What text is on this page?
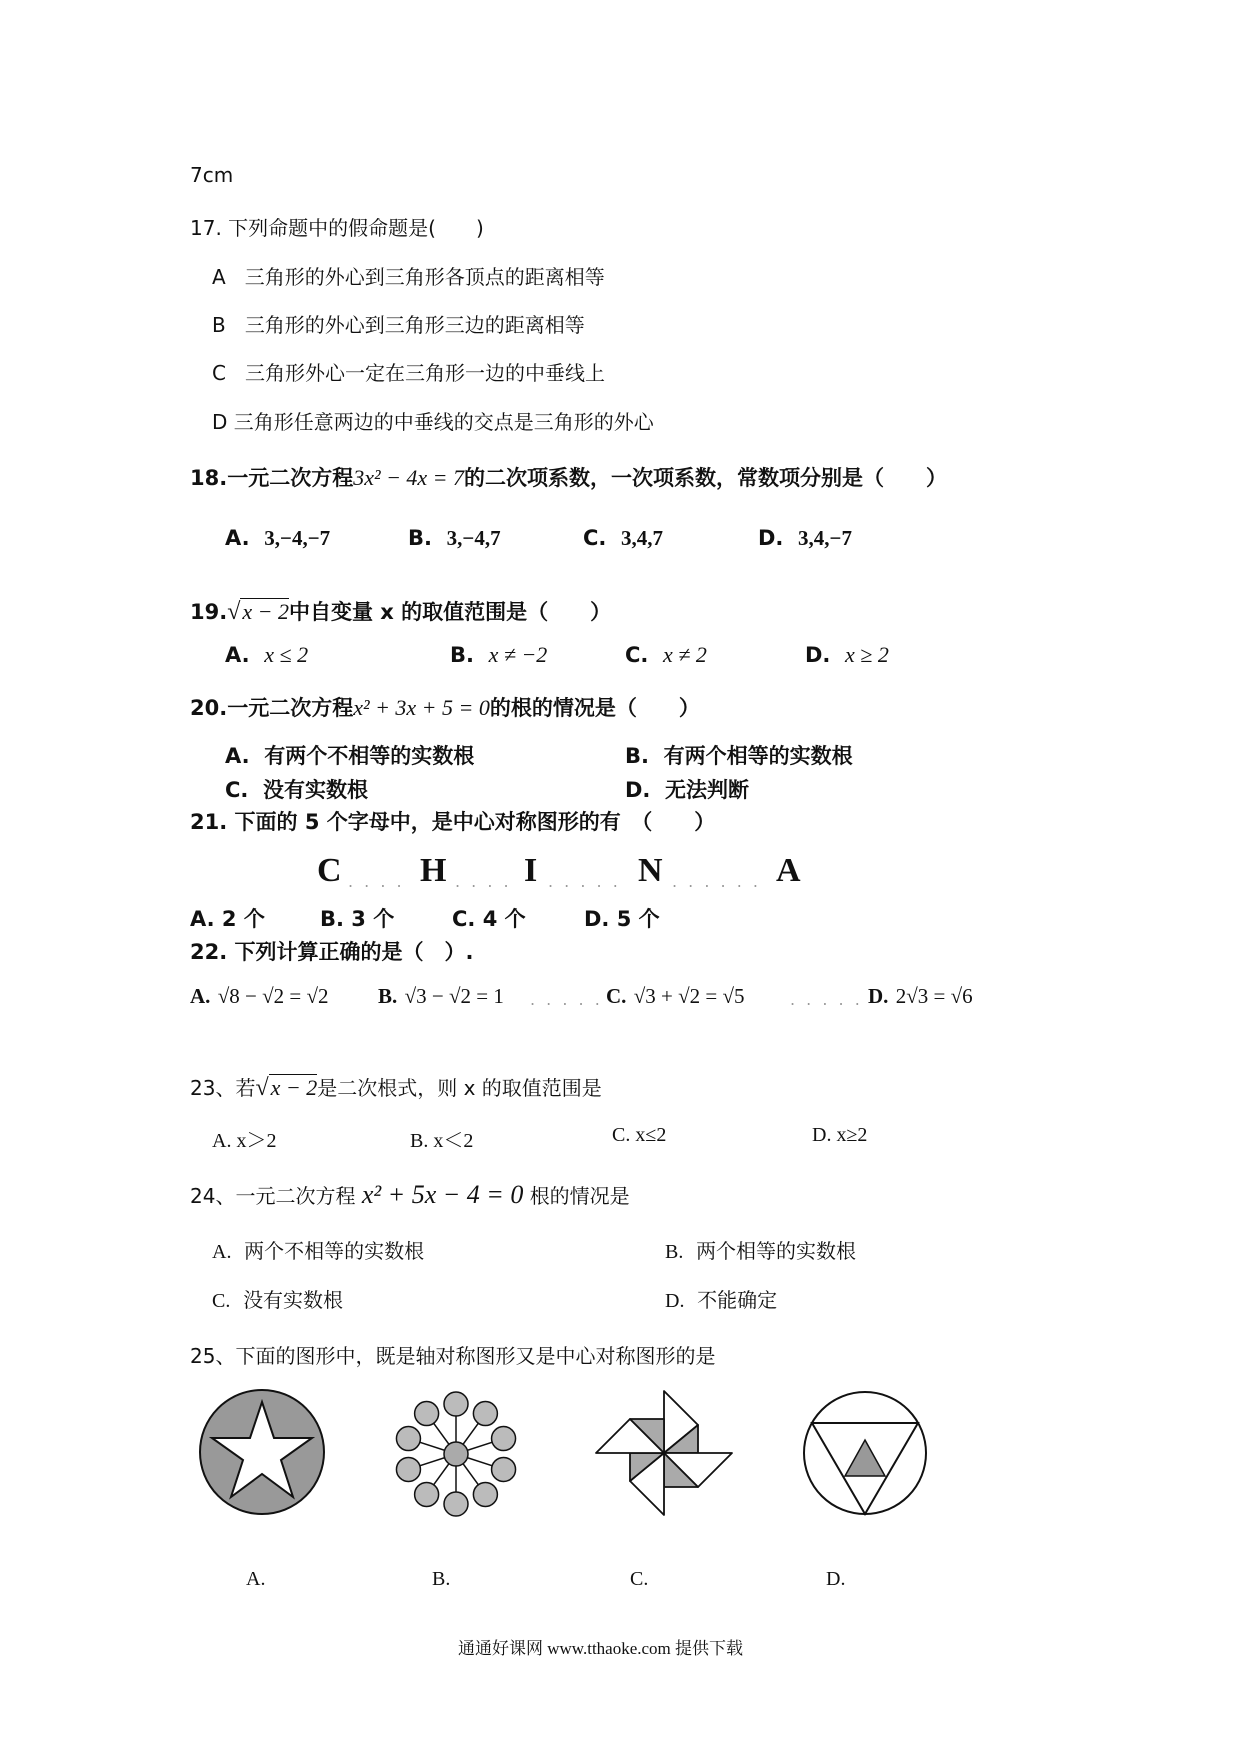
7cm
17. 下列命题中的假命题是(　　)
A 三角形的外心到三角形各顶点的距离相等
B 三角形的外心到三角形三边的距离相等
C 三角形外心一定在三角形一边的中垂线上
D 三角形任意两边的中垂线的交点是三角形的外心
18.一元二次方程3x² − 4x = 7的二次项系数，一次项系数，常数项分别是（　　）
A. 3,−4,−7	B. 3,−4,7	C. 3,4,7	D. 3,4,−7
19.√x − 2中自变量 x 的取值范围是（　　）
A. x ≤ 2	B. x ≠ −2	C. x ≠ 2	D. x ≥ 2
20.一元二次方程x² + 3x + 5 = 0的根的情况是（　　）
A. 有两个不相等的实数根	B. 有两个相等的实数根
C. 没有实数根	D. 无法判断
21. 下面的 5 个字母中，是中心对称图形的有　（　　）
C . . . . H . . . . I . . . . . N . . . . . . A
A. 2 个	B. 3 个	C. 4 个	D. 5 个
22. 下列计算正确的是（　）.
A. √8 − √2 = √2 B. √3 − √2 = 1 . . . . . C. √3 + √2 = √5	. . . . . D. 2√3 = √6
23、若√x − 2是二次根式，则 x 的取值范围是
A. x＞2	B. x＜2	C. x≤2	D. x≥2
24、一元二次方程 x² + 5x − 4 = 0 根的情况是
A. 两个不相等的实数根	B. 两个相等的实数根
C. 没有实数根	D. 不能确定
25、下面的图形中，既是轴对称图形又是中心对称图形的是
A.	B.	C.	D.
通通好课网 www.tthaoke.com 提供下载
